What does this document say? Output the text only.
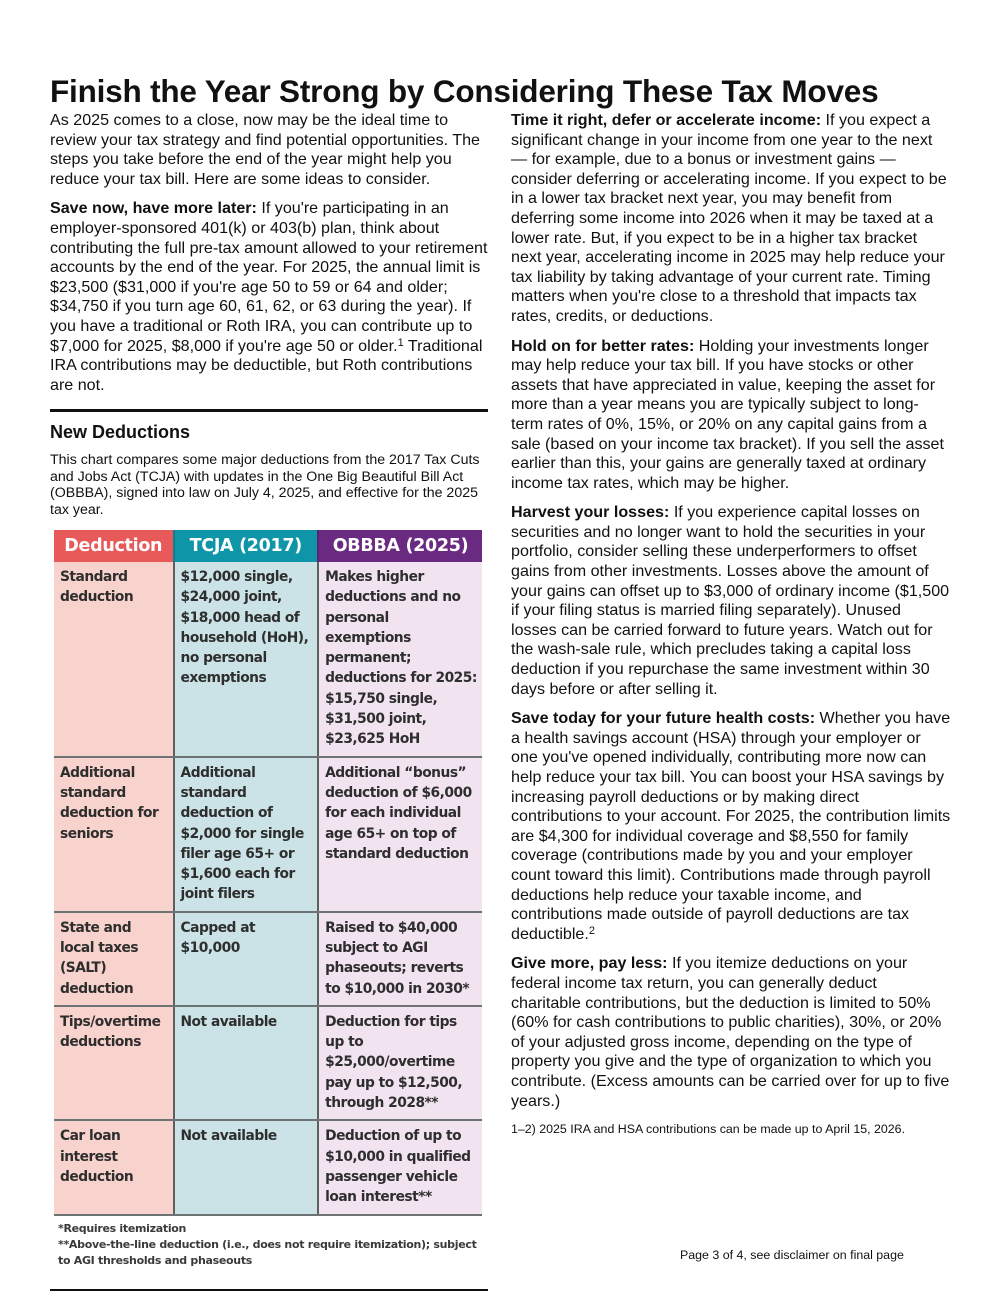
Finish the Year Strong by Considering These Tax Moves

As 2025 comes to a close, now may be the ideal time to review your tax strategy and find potential opportunities. The steps you take before the end of the year might help you reduce your tax bill. Here are some ideas to consider.

Save now, have more later: If you're participating in an employer-sponsored 401(k) or 403(b) plan, think about contributing the full pre-tax amount allowed to your retirement accounts by the end of the year. For 2025, the annual limit is $23,500 ($31,000 if you're age 50 to 59 or 64 and older; $34,750 if you turn age 60, 61, 62, or 63 during the year). If you have a traditional or Roth IRA, you can contribute up to $7,000 for 2025, $8,000 if you're age 50 or older.$^1$ Traditional IRA contributions may be deductible, but Roth contributions are not.

New Deductions

This chart compares some major deductions from the 2017 Tax Cuts and Jobs Act (TCJA) with updates in the One Big Beautiful Bill Act (OBBBA), signed into law on July 4, 2025, and effective for the 2025 tax year.

Deduction	TCJA (2017)	OBBBA (2025)
Standard deduction	$12,000 single, $24,000 joint, $18,000 head of household (HoH), no personal exemptions	Makes higher deductions and no personal exemptions permanent; deductions for 2025: $15,750 single, $31,500 joint, $23,625 HoH
Additional standard deduction for seniors	Additional standard deduction of $2,000 for single filer age 65+ or $1,600 each for joint filers	Additional “bonus” deduction of $6,000 for each individual age 65+ on top of standard deduction
State and local taxes (SALT) deduction	Capped at $10,000	Raised to $40,000 subject to AGI phaseouts; reverts to $10,000 in 2030*
Tips/overtime deductions	Not available	Deduction for tips up to $25,000/overtime pay up to $12,500, through 2028**
Car loan interest deduction	Not available	Deduction of up to $10,000 in qualified passenger vehicle loan interest**
*Requires itemization
**Above-the-line deduction (i.e., does not require itemization); subject to AGI thresholds and phaseouts

Time it right, defer or accelerate income: If you expect a significant change in your income from one year to the next — for example, due to a bonus or investment gains — consider deferring or accelerating income. If you expect to be in a lower tax bracket next year, you may benefit from deferring some income into 2026 when it may be taxed at a lower rate. But, if you expect to be in a higher tax bracket next year, accelerating income in 2025 may help reduce your tax liability by taking advantage of your current rate. Timing matters when you're close to a threshold that impacts tax rates, credits, or deductions.

Hold on for better rates: Holding your investments longer may help reduce your tax bill. If you have stocks or other assets that have appreciated in value, keeping the asset for more than a year means you are typically subject to long-term rates of 0%, 15%, or 20% on any capital gains from a sale (based on your income tax bracket). If you sell the asset earlier than this, your gains are generally taxed at ordinary income tax rates, which may be higher.

Harvest your losses: If you experience capital losses on securities and no longer want to hold the securities in your portfolio, consider selling these underperformers to offset gains from other investments. Losses above the amount of your gains can offset up to $3,000 of ordinary income ($1,500 if your filing status is married filing separately). Unused losses can be carried forward to future years. Watch out for the wash-sale rule, which precludes taking a capital loss deduction if you repurchase the same investment within 30 days before or after selling it.

Save today for your future health costs: Whether you have a health savings account (HSA) through your employer or one you've opened individually, contributing more now can help reduce your tax bill. You can boost your HSA savings by increasing payroll deductions or by making direct contributions to your account. For 2025, the contribution limits are $4,300 for individual coverage and $8,550 for family coverage (contributions made by you and your employer count toward this limit). Contributions made through payroll deductions help reduce your taxable income, and contributions made outside of payroll deductions are tax deductible.$^2$

Give more, pay less: If you itemize deductions on your federal income tax return, you can generally deduct charitable contributions, but the deduction is limited to 50% (60% for cash contributions to public charities), 30%, or 20% of your adjusted gross income, depending on the type of property you give and the type of organization to which you contribute. (Excess amounts can be carried over for up to five years.)

1–2) 2025 IRA and HSA contributions can be made up to April 15, 2026.

Page 3 of 4, see disclaimer on final page
